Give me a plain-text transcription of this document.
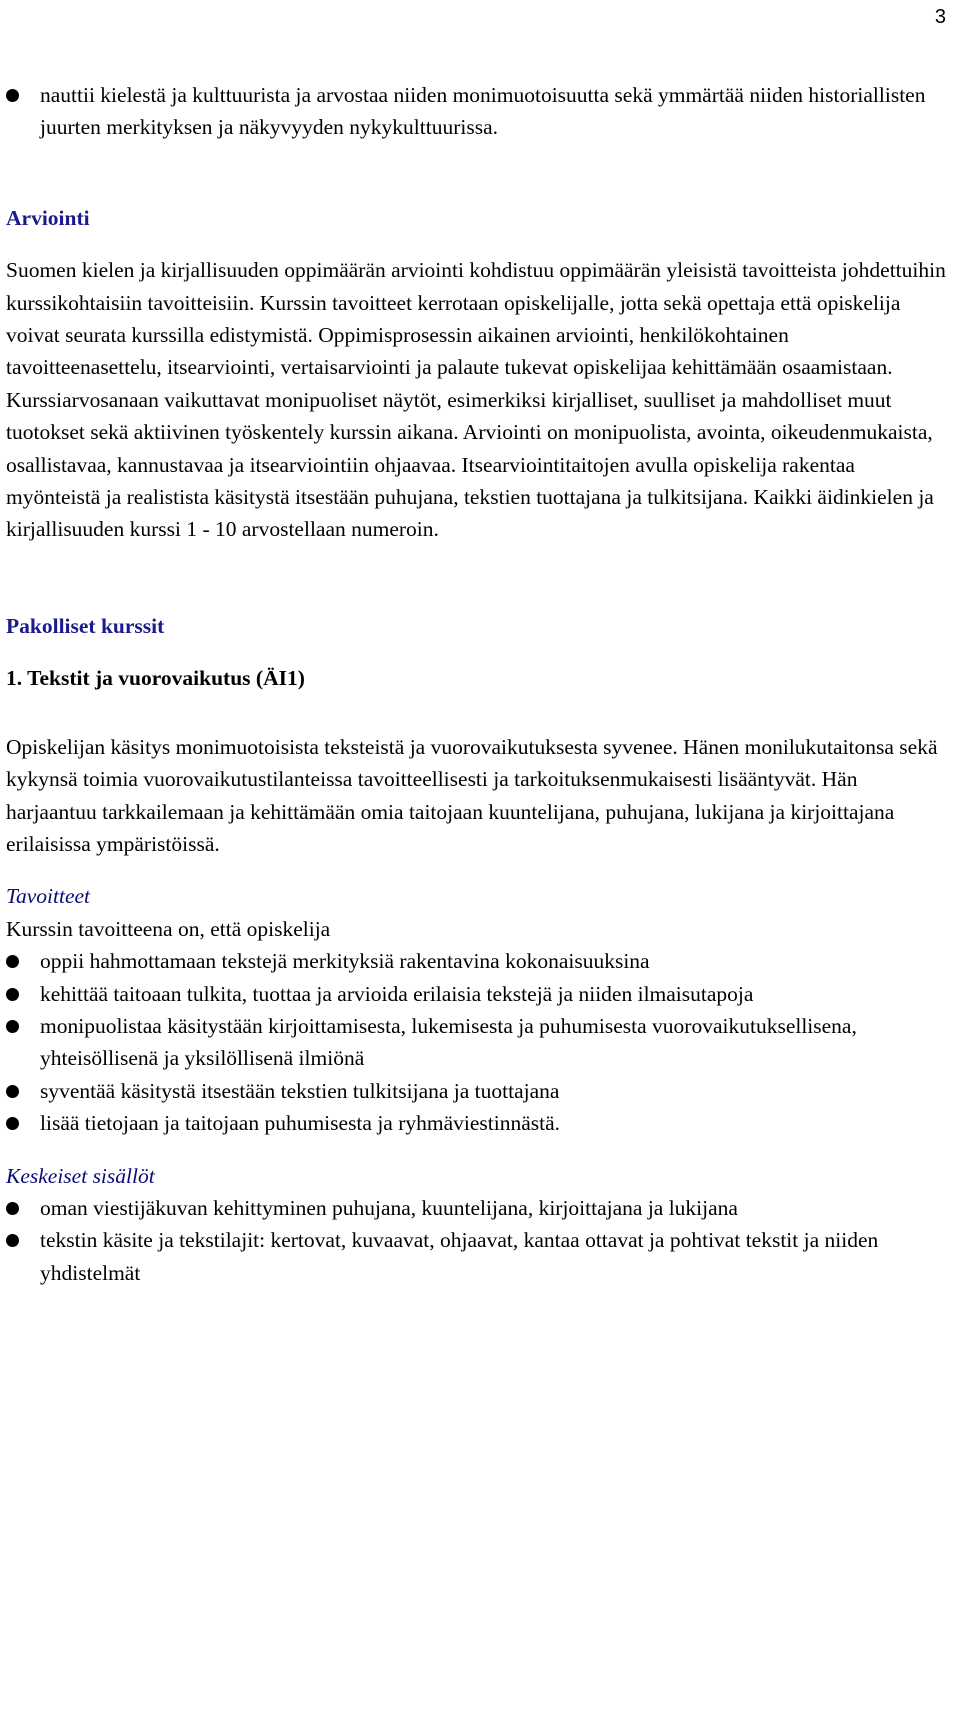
3
nauttii kielestä ja kulttuurista ja arvostaa niiden monimuotoisuutta sekä ymmärtää niiden historiallisten juurten merkityksen ja näkyvyyden nykykulttuurissa.
Arviointi

Suomen kielen ja kirjallisuuden oppimäärän arviointi kohdistuu oppimäärän yleisistä tavoitteista johdettuihin kurssikohtaisiin tavoitteisiin. Kurssin tavoitteet kerrotaan opiskelijalle, jotta sekä opettaja että opiskelija voivat seurata kurssilla edistymistä. Oppimisprosessin aikainen arviointi, henkilökohtainen tavoitteenasettelu, itsearviointi, vertaisarviointi ja palaute tukevat opiskelijaa kehittämään osaamistaan. Kurssiarvosanaan vaikuttavat monipuoliset näytöt, esimerkiksi kirjalliset, suulliset ja mahdolliset muut tuotokset sekä aktiivinen työskentely kurssin aikana. Arviointi on monipuolista, avointa, oikeudenmukaista, osallistavaa, kannustavaa ja itsearviointiin ohjaavaa. Itsearviointitaitojen avulla opiskelija rakentaa myönteistä ja realistista käsitystä itsestään puhujana, tekstien tuottajana ja tulkitsijana. Kaikki äidinkielen ja kirjallisuuden kurssi 1 - 10 arvostellaan numeroin.

Pakolliset kurssit
1. Tekstit ja vuorovaikutus (ÄI1)

Opiskelijan käsitys monimuotoisista teksteistä ja vuorovaikutuksesta syvenee. Hänen monilukutaitonsa sekä kykynsä toimia vuorovaikutustilanteissa tavoitteellisesti ja tarkoituksenmukaisesti lisääntyvät. Hän harjaantuu tarkkailemaan ja kehittämään omia taitojaan kuuntelijana, puhujana, lukijana ja kirjoittajana erilaisissa ympäristöissä.

Tavoitteet

Kurssin tavoitteena on, että opiskelija

oppii hahmottamaan tekstejä merkityksiä rakentavina kokonaisuuksina
kehittää taitoaan tulkita, tuottaa ja arvioida erilaisia tekstejä ja niiden ilmaisutapoja
monipuolistaa käsitystään kirjoittamisesta, lukemisesta ja puhumisesta vuorovaikutuksellisena, yhteisöllisenä ja yksilöllisenä ilmiönä
syventää käsitystä itsestään tekstien tulkitsijana ja tuottajana
lisää tietojaan ja taitojaan puhumisesta ja ryhmäviestinnästä.

Keskeiset sisällöt

oman viestijäkuvan kehittyminen puhujana, kuuntelijana, kirjoittajana ja lukijana
tekstin käsite ja tekstilajit: kertovat, kuvaavat, ohjaavat, kantaa ottavat ja pohtivat tekstit ja niiden yhdistelmät
